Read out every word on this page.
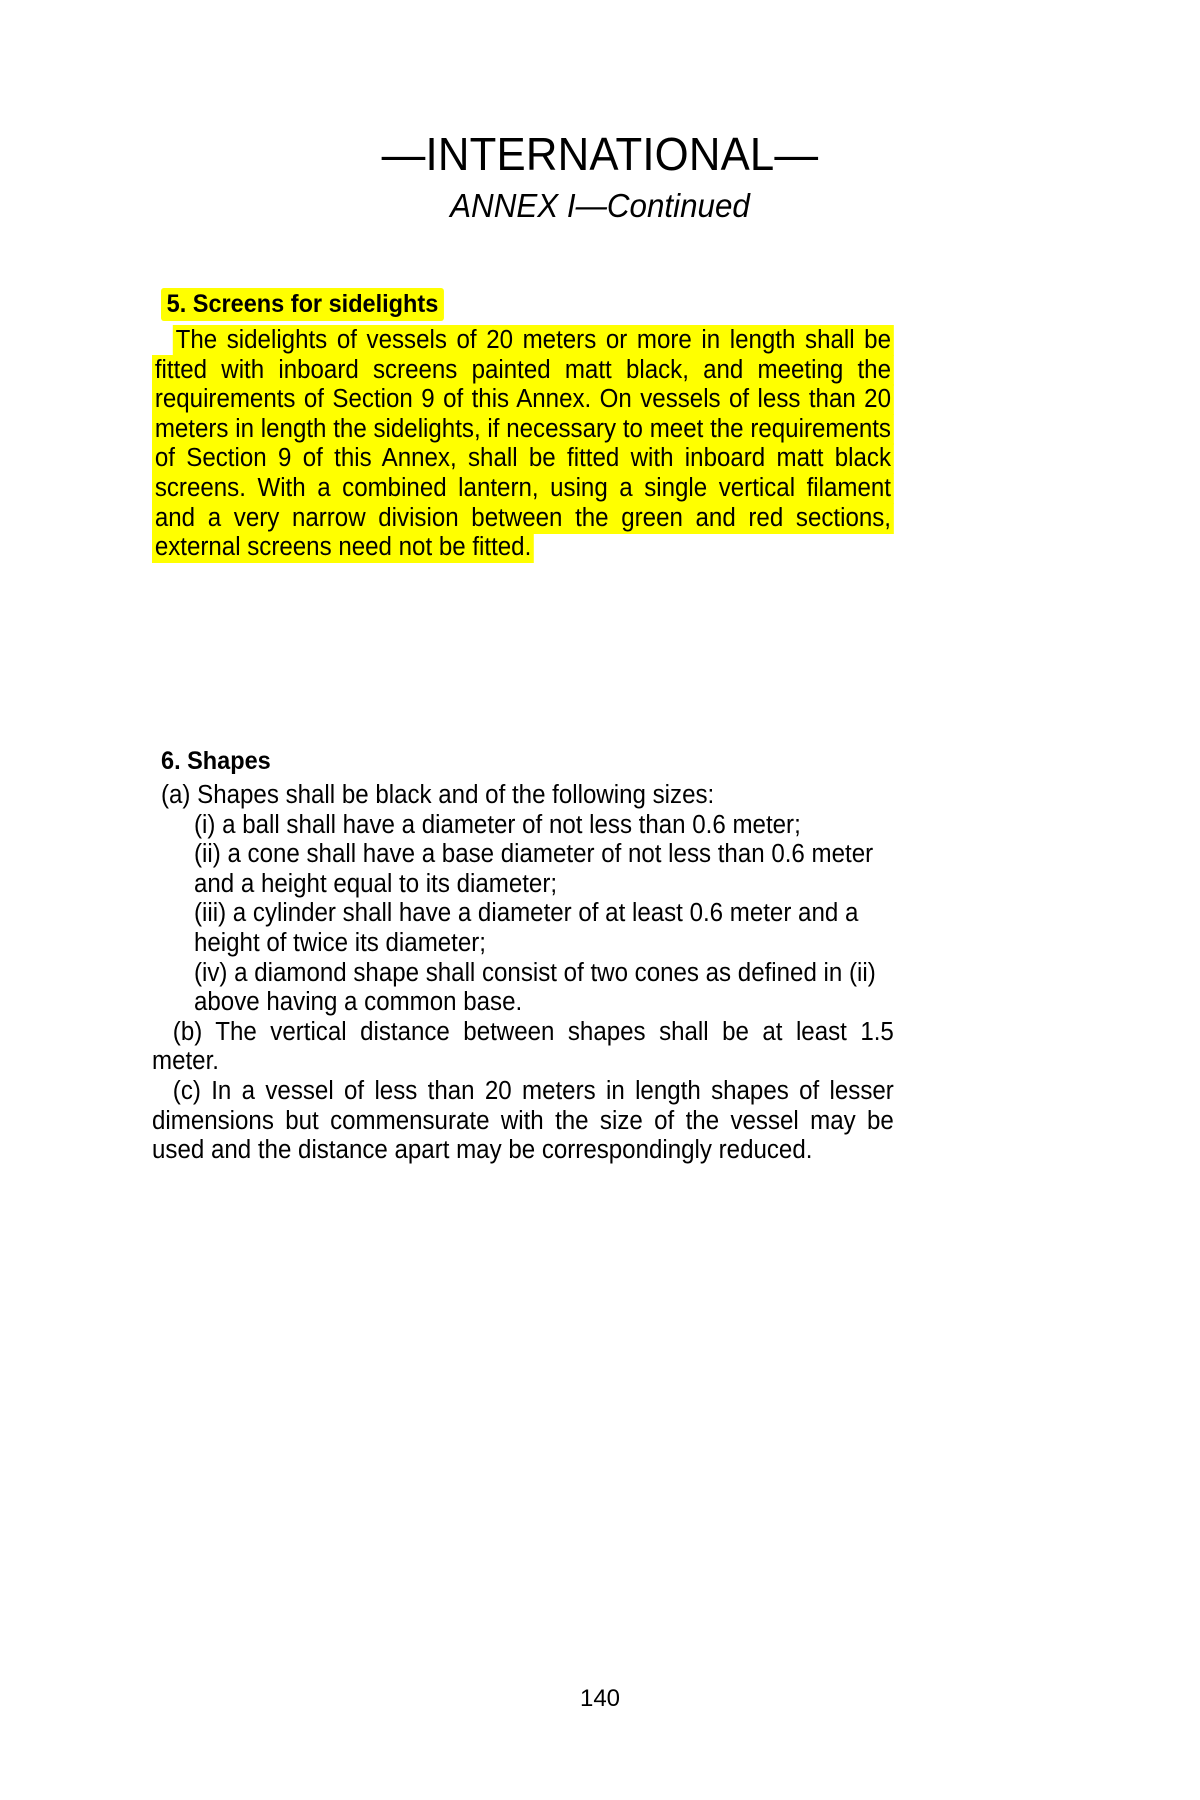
—INTERNATIONAL—
ANNEX I—Continued
5. Screens for sidelights
The sidelights of vessels of 20 meters or more in length shall be fitted with inboard screens painted matt black, and meeting the requirements of Section 9 of this Annex. On vessels of less than 20 meters in length the sidelights, if necessary to meet the requirements of Section 9 of this Annex, shall be fitted with inboard matt black screens. With a combined lantern, using a single vertical filament and a very narrow division between the green and red sections, external screens need not be fitted.
6. Shapes
(a) Shapes shall be black and of the following sizes:
(i) a ball shall have a diameter of not less than 0.6 meter;
(ii) a cone shall have a base diameter of not less than 0.6 meter and a height equal to its diameter;
(iii) a cylinder shall have a diameter of at least 0.6 meter and a height of twice its diameter;
(iv) a diamond shape shall consist of two cones as defined in (ii) above having a common base.
(b) The vertical distance between shapes shall be at least 1.5 meter.
(c) In a vessel of less than 20 meters in length shapes of lesser dimensions but commensurate with the size of the vessel may be used and the distance apart may be correspondingly reduced.
140
